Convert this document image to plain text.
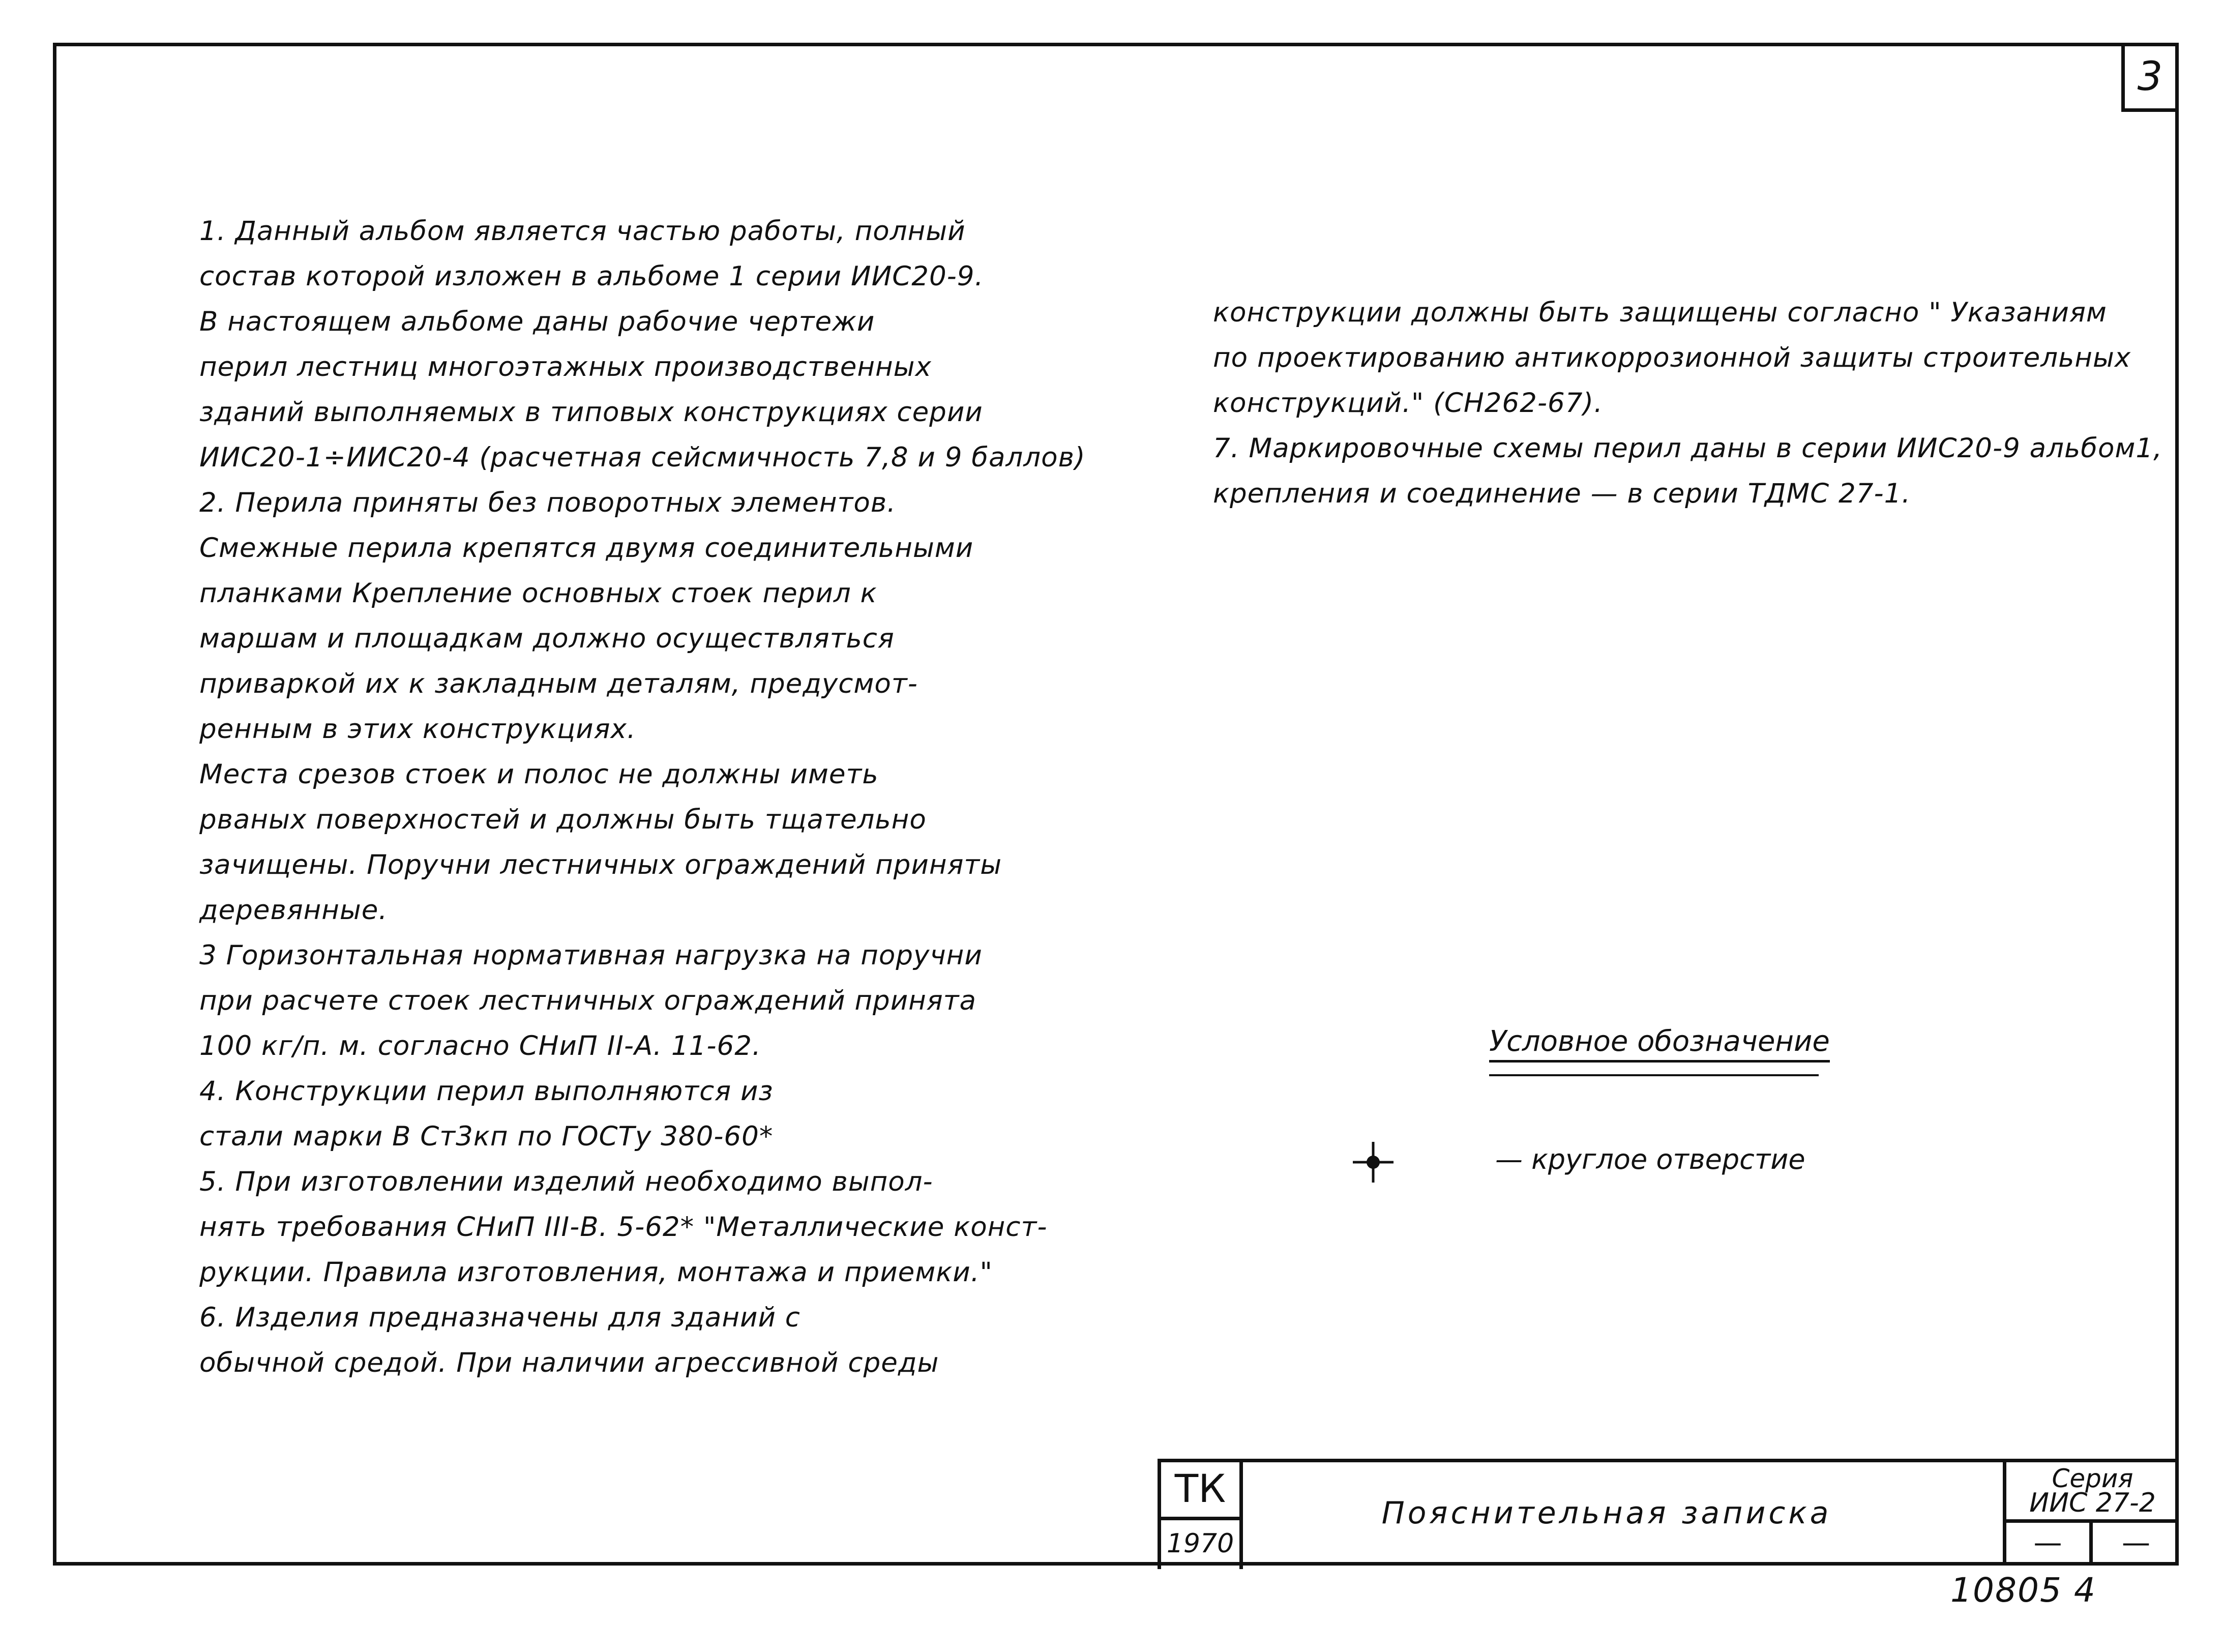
3
1. Данный альбом является частью работы, полный
состав которой изложен в альбоме 1 серии ИИС20-9.
В настоящем альбоме даны рабочие чертежи
перил лестниц многоэтажных производственных
зданий выполняемых в типовых конструкциях серии
ИИС20-1÷ИИС20-4 (расчетная сейсмичность 7,8 и 9 баллов)
2. Перила приняты без поворотных элементов.
Смежные перила крепятся двумя соединительными
планками Крепление основных стоек перил к
маршам и площадкам должно осуществляться
приваркой их к закладным деталям, предусмот-
ренным в этих конструкциях.
Места срезов стоек и полос не должны иметь
рваных поверхностей и должны быть тщательно
зачищены. Поручни лестничных ограждений приняты
деревянные.
3 Горизонтальная нормативная нагрузка на поручни
при расчете стоек лестничных ограждений принята
100 кг/п. м. согласно СНиП ІІ-А. 11-62.
4. Конструкции перил выполняются из
стали марки В Ст3кп по ГОСТу 380-60*
5. При изготовлении изделий необходимо выпол-
нять требования СНиП ІІІ-В. 5-62* "Металлические конст-
рукции. Правила изготовления, монтажа и приемки."
6. Изделия предназначены для зданий с
обычной средой. При наличии агрессивной среды
конструкции должны быть защищены согласно " Указаниям
по проектированию антикоррозионной защиты строительных
конструкций." (СН262-67).
7. Маркировочные схемы перил даны в серии ИИС20-9 альбом1,
крепления и соединение — в серии ТДМС 27-1.
Условное обозначение
— круглое отверстие
ТК
1970
Пояснительная записка
Серия
ИИС 27-2
—	—
10805 4
